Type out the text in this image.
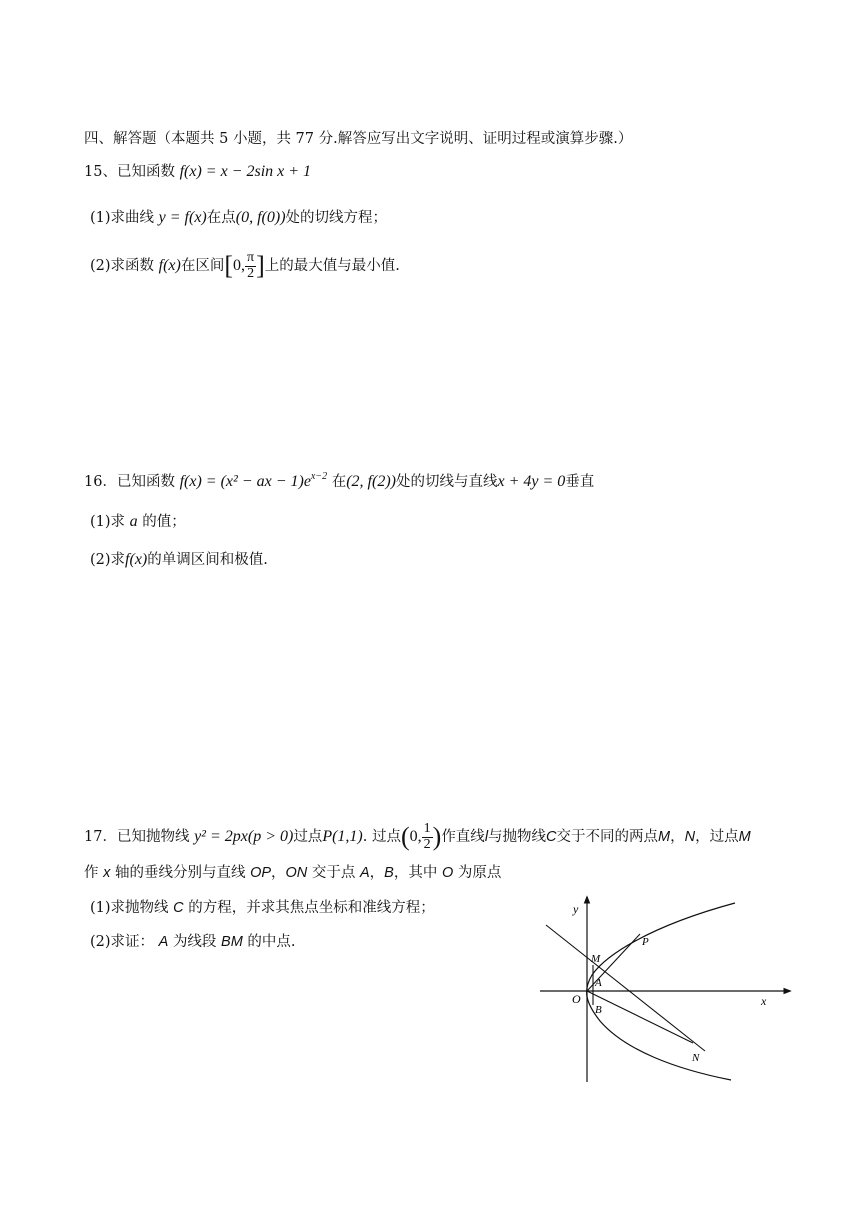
四、解答题（本题共 5 小题，共 77 分.解答应写出文字说明、证明过程或演算步骤.）
15、已知函数 f(x) = x − 2sin x + 1
(1)求曲线 y = f(x)在点(0, f(0))处的切线方程；
(2)求函数 f(x)在区间[0, $\frac{\pi}{2}$ ]上的最大值与最小值.
16．已知函数 f(x) = (x² − ax − $1)e^{x-2}$ 在(2, f(2))处的切线与直线x + 4y = 0垂直
(1)求 a 的值；
(2)求f(x)的单调区间和极值.
17．已知抛物线 y² = 2px(p > 0)过点P(1,1). 过点(0, $\frac{1}{2}$ )作直线l与抛物线C交于不同的两点M，N，过点M
作 x 轴的垂线分别与直线 OP，ON 交于点 A，B，其中 O 为原点
(1)求抛物线 C 的方程，并求其焦点坐标和准线方程；
(2)求证： A 为线段 BM 的中点.
y
x
O
M
A
B
P
N
